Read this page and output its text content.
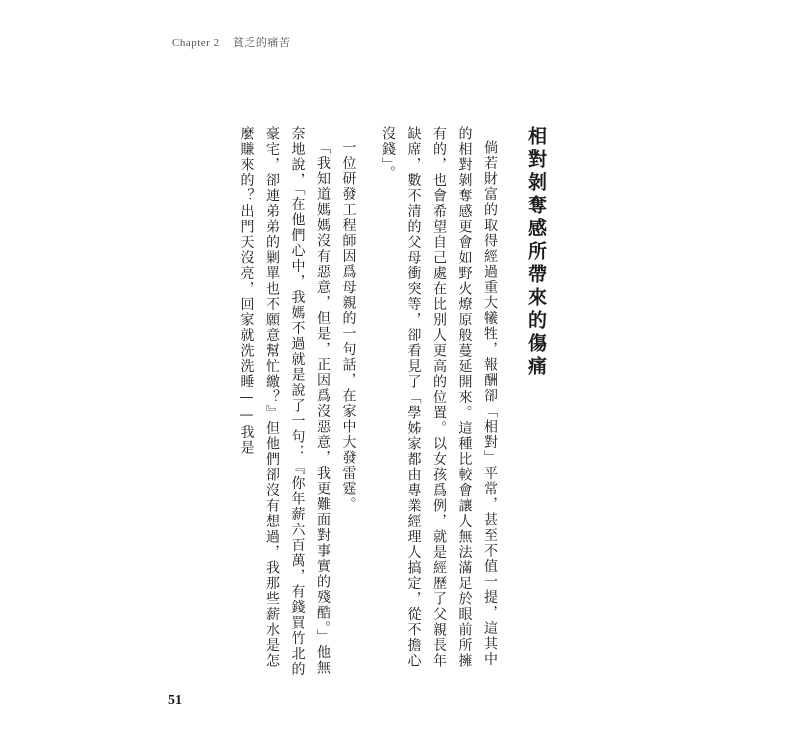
Chapter 2 貧乏的痛苦
相對剝奪感所帶來的傷痛

倘若財富的取得經過重大犧牲，報酬卻「相對」平常，甚至不值一提，這其中的相對剝奪感更會如野火燎原般蔓延開來。這種比較會讓人無法滿足於眼前所擁有的，也會希望自己處在比別人更高的位置。以女孩爲例，就是經歷了父親長年缺席，數不清的父母衝突等，卻看見了「學姊家都由專業經理人搞定，從不擔心沒錢」。

一位研發工程師因爲母親的一句話，在家中大發雷霆。

「我知道媽媽沒有惡意，但是，正因爲沒惡意，我更難面對事實的殘酷。」他無奈地說，「在他們心中，我媽不過就是說了一句：『你年薪六百萬，有錢買竹北的豪宅，卻連弟弟的剿單也不願意幫忙繳？』但他們卻沒有想過，我那些薪水是怎麼賺來的？出門天沒亮，回家就洗洗睡——我是

51
